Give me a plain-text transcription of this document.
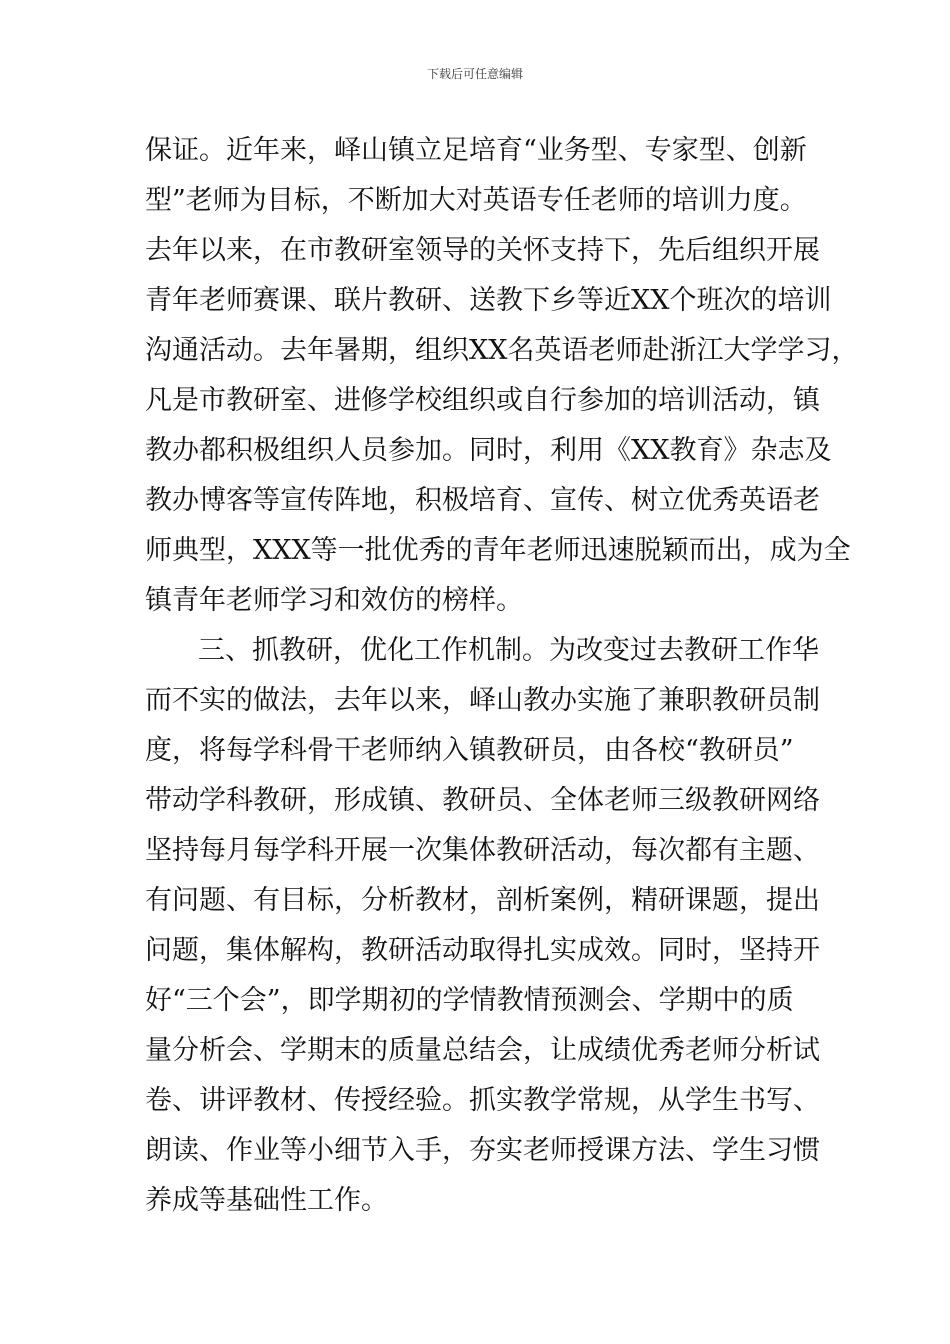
下载后可任意编辑
保证。近年来，峄山镇立足培育“业务型、专家型、创新
型”老师为目标，不断加大对英语专任老师的培训力度。
去年以来，在市教研室领导的关怀支持下，先后组织开展
青年老师赛课、联片教研、送教下乡等近XX个班次的培训
沟通活动。去年暑期，组织XX名英语老师赴浙江大学学习，
凡是市教研室、进修学校组织或自行参加的培训活动，镇
教办都积极组织人员参加。同时，利用《XX教育》杂志及
教办博客等宣传阵地，积极培育、宣传、树立优秀英语老
师典型，XXX等一批优秀的青年老师迅速脱颖而出，成为全
镇青年老师学习和效仿的榜样。
三、抓教研，优化工作机制。为改变过去教研工作华
而不实的做法，去年以来，峄山教办实施了兼职教研员制
度，将每学科骨干老师纳入镇教研员，由各校“教研员”
带动学科教研，形成镇、教研员、全体老师三级教研网络
坚持每月每学科开展一次集体教研活动，每次都有主题、
有问题、有目标，分析教材，剖析案例，精研课题，提出
问题，集体解构，教研活动取得扎实成效。同时，坚持开
好“三个会”，即学期初的学情教情预测会、学期中的质
量分析会、学期末的质量总结会，让成绩优秀老师分析试
卷、讲评教材、传授经验。抓实教学常规，从学生书写、
朗读、作业等小细节入手，夯实老师授课方法、学生习惯
养成等基础性工作。
